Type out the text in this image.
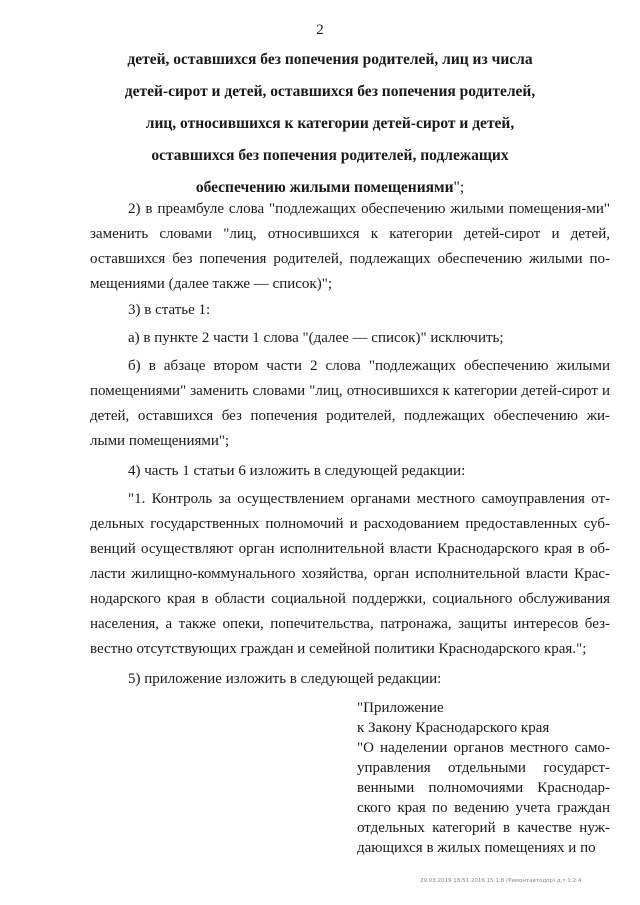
2
детей, оставшихся без попечения родителей, лиц из числа
детей-сирот и детей, оставшихся без попечения родителей,
лиц, относившихся к категории детей-сирот и детей,
оставшихся без попечения родителей, подлежащих
обеспечению жилыми помещениями";
2) в преамбуле слова "подлежащих обеспечению жилыми помещения-ми" заменить словами "лиц, относившихся к категории детей-сирот и детей, оставшихся без попечения родителей, подлежащих обеспечению жилыми по-мещениями (далее также — список)";
3) в статье 1:
а) в пункте 2 части 1 слова "(далее — список)" исключить;
б) в абзаце втором части 2 слова "подлежащих обеспечению жилыми помещениями" заменить словами "лиц, относившихся к категории детей-сирот и детей, оставшихся без попечения родителей, подлежащих обеспечению жи-лыми помещениями";
4) часть 1 статьи 6 изложить в следующей редакции:
"1. Контроль за осуществлением органами местного самоуправления от-дельных государственных полномочий и расходованием предоставленных суб-венций осуществляют орган исполнительной власти Краснодарского края в об-ласти жилищно-коммунального хозяйства, орган исполнительной власти Крас-нодарского края в области социальной поддержки, социального обслуживания населения, а также опеки, попечительства, патронажа, защиты интересов без-вестно отсутствующих граждан и семейной политики Краснодарского края.";
5) приложение изложить в следующей редакции:
"Приложение
к Закону Краснодарского края
"О наделении органов местного само-управления отдельными государст-венными полномочиями Краснодар-ского края по ведению учета граждан отдельных категорий в качестве нуж-дающихся в жилых помещениях и по
29.03.2019 18:51 2016 15:1:8 (Ремонтавтодор) д.т.1 2:4
